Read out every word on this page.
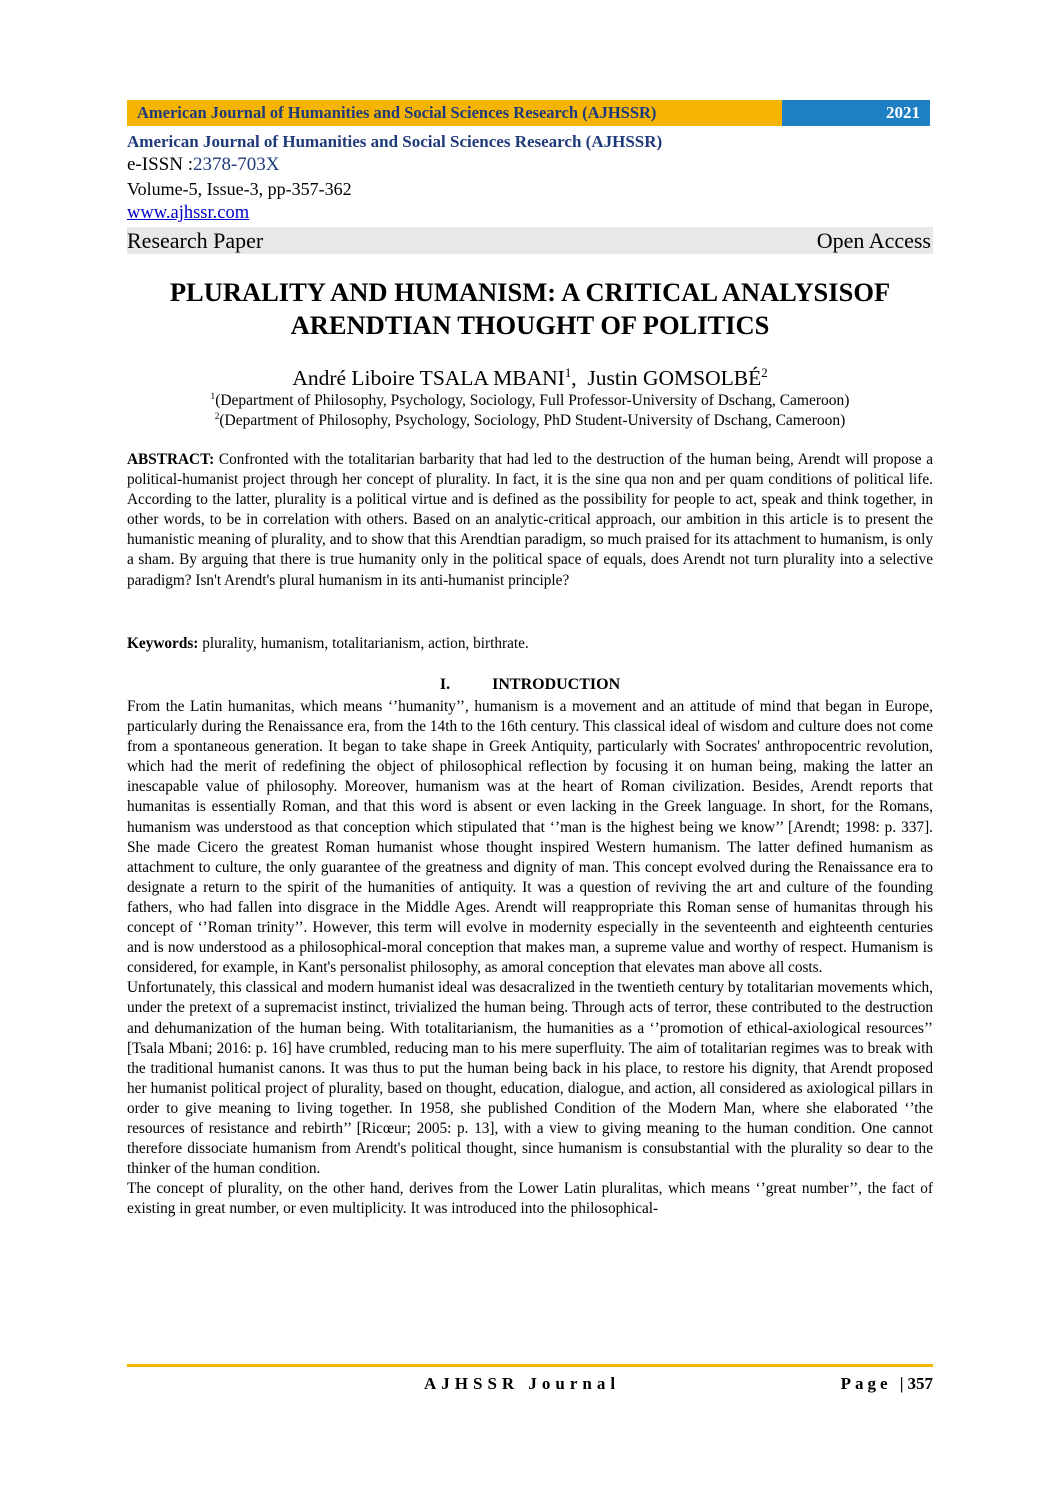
American Journal of Humanities and Social Sciences Research (AJHSSR)	2021
American Journal of Humanities and Social Sciences Research (AJHSSR)
e-ISSN :2378-703X
Volume-5, Issue-3, pp-357-362
www.ajhssr.com
Research Paper	Open Access
PLURALITY AND HUMANISM: A CRITICAL ANALYSISOF
ARENDTIAN THOUGHT OF POLITICS
André Liboire TSALA MBANI$^1$,  Justin GOMSOLBÉ$^2$
$^1$(Department of Philosophy, Psychology, Sociology, Full Professor-University of Dschang, Cameroon)
$^2$(Department of Philosophy, Psychology, Sociology, PhD Student-University of Dschang, Cameroon)
ABSTRACT: Confronted with the totalitarian barbarity that had led to the destruction of the human being, Arendt will propose a political-humanist project through her concept of plurality. In fact, it is the sine qua non and per quam conditions of political life. According to the latter, plurality is a political virtue and is defined as the possibility for people to act, speak and think together, in other words, to be in correlation with others. Based on an analytic-critical approach, our ambition in this article is to present the humanistic meaning of plurality, and to show that this Arendtian paradigm, so much praised for its attachment to humanism, is only a sham. By arguing that there is true humanity only in the political space of equals, does Arendt not turn plurality into a selective paradigm? Isn't Arendt's plural humanism in its anti-humanist principle?
Keywords: plurality, humanism, totalitarianism, action, birthrate.
I.	INTRODUCTION

From the Latin humanitas, which means ‘’humanity’’, humanism is a movement and an attitude of mind that began in Europe, particularly during the Renaissance era, from the 14th to the 16th century. This classical ideal of wisdom and culture does not come from a spontaneous generation. It began to take shape in Greek Antiquity, particularly with Socrates' anthropocentric revolution, which had the merit of redefining the object of philosophical reflection by focusing it on human being, making the latter an inescapable value of philosophy. Moreover, humanism was at the heart of Roman civilization. Besides, Arendt reports that humanitas is essentially Roman, and that this word is absent or even lacking in the Greek language. In short, for the Romans, humanism was understood as that conception which stipulated that ‘’man is the highest being we know’’ [Arendt; 1998: p. 337]. She made Cicero the greatest Roman humanist whose thought inspired Western humanism. The latter defined humanism as attachment to culture, the only guarantee of the greatness and dignity of man. This concept evolved during the Renaissance era to designate a return to the spirit of the humanities of antiquity. It was a question of reviving the art and culture of the founding fathers, who had fallen into disgrace in the Middle Ages. Arendt will reappropriate this Roman sense of humanitas through his concept of ‘’Roman trinity’’. However, this term will evolve in modernity especially in the seventeenth and eighteenth centuries and is now understood as a philosophical-moral conception that makes man, a supreme value and worthy of respect. Humanism is considered, for example, in Kant's personalist philosophy, as amoral conception that elevates man above all costs.

Unfortunately, this classical and modern humanist ideal was desacralized in the twentieth century by totalitarian movements which, under the pretext of a supremacist instinct, trivialized the human being. Through acts of terror, these contributed to the destruction and dehumanization of the human being. With totalitarianism, the humanities as a ‘’promotion of ethical-axiological resources’’ [Tsala Mbani; 2016: p. 16] have crumbled, reducing man to his mere superfluity. The aim of totalitarian regimes was to break with the traditional humanist canons. It was thus to put the human being back in his place, to restore his dignity, that Arendt proposed her humanist political project of plurality, based on thought, education, dialogue, and action, all considered as axiological pillars in order to give meaning to living together. In 1958, she published Condition of the Modern Man, where she elaborated ‘’the resources of resistance and rebirth’’ [Ricœur; 2005: p. 13], with a view to giving meaning to the human condition. One cannot therefore dissociate humanism from Arendt's political thought, since humanism is consubstantial with the plurality so dear to the thinker of the human condition.

The concept of plurality, on the other hand, derives from the Lower Latin pluralitas, which means ‘’great number’’, the fact of existing in great number, or even multiplicity. It was introduced into the philosophical-

AJHSSR Journal	Page |357
